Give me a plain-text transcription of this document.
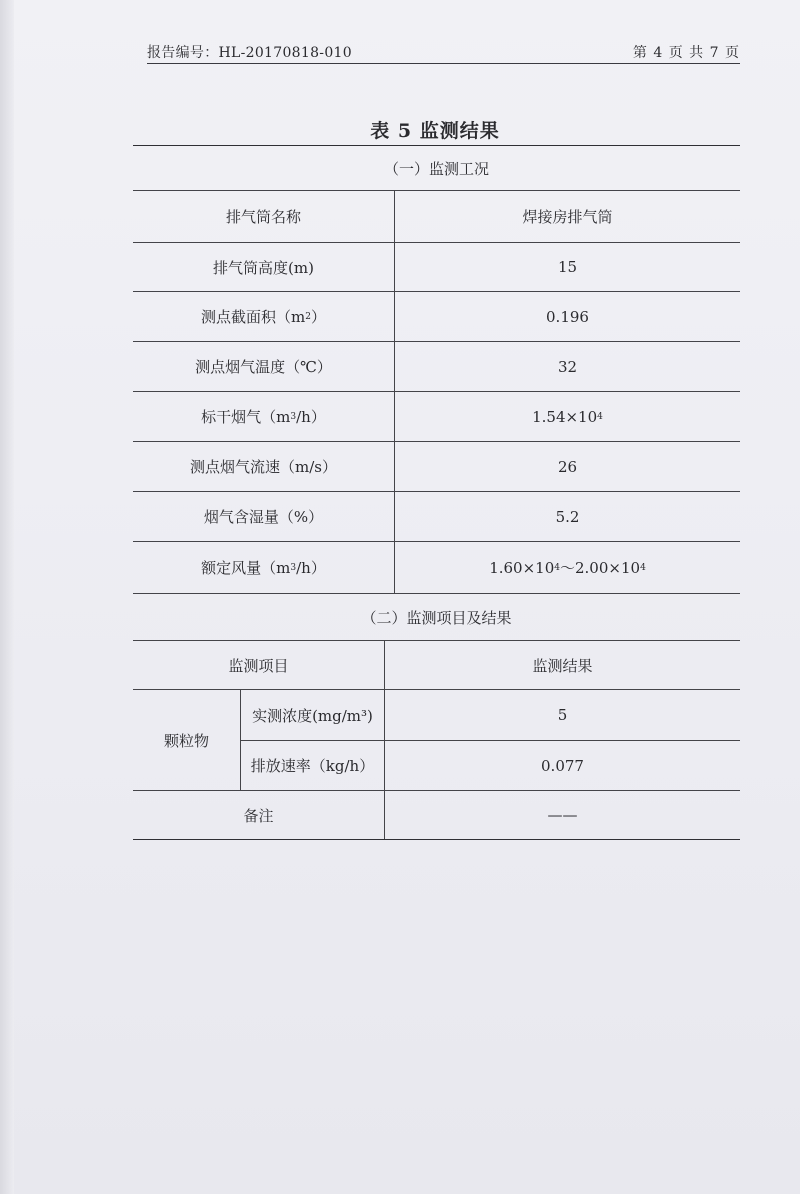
报告编号：HL-20170818-010	第 4 页 共 7 页
表 5 监测结果
（一）监测工况
排气筒名称	焊接房排气筒
排气筒高度(m)	15
测点截面积（m 2 ）	0.196
测点烟气温度（℃）	32
标干烟气（m 3 /h）	1.54×10 4
测点烟气流速（m/s）	26
烟气含湿量（%）	5.2
额定风量（m 3 /h）	1.60×10 4 ～2.00×10 4
（二）监测项目及结果
监测项目	监测结果
颗粒物
实测浓度(mg/m³)	5
排放速率（kg/h）	0.077
备注	——
